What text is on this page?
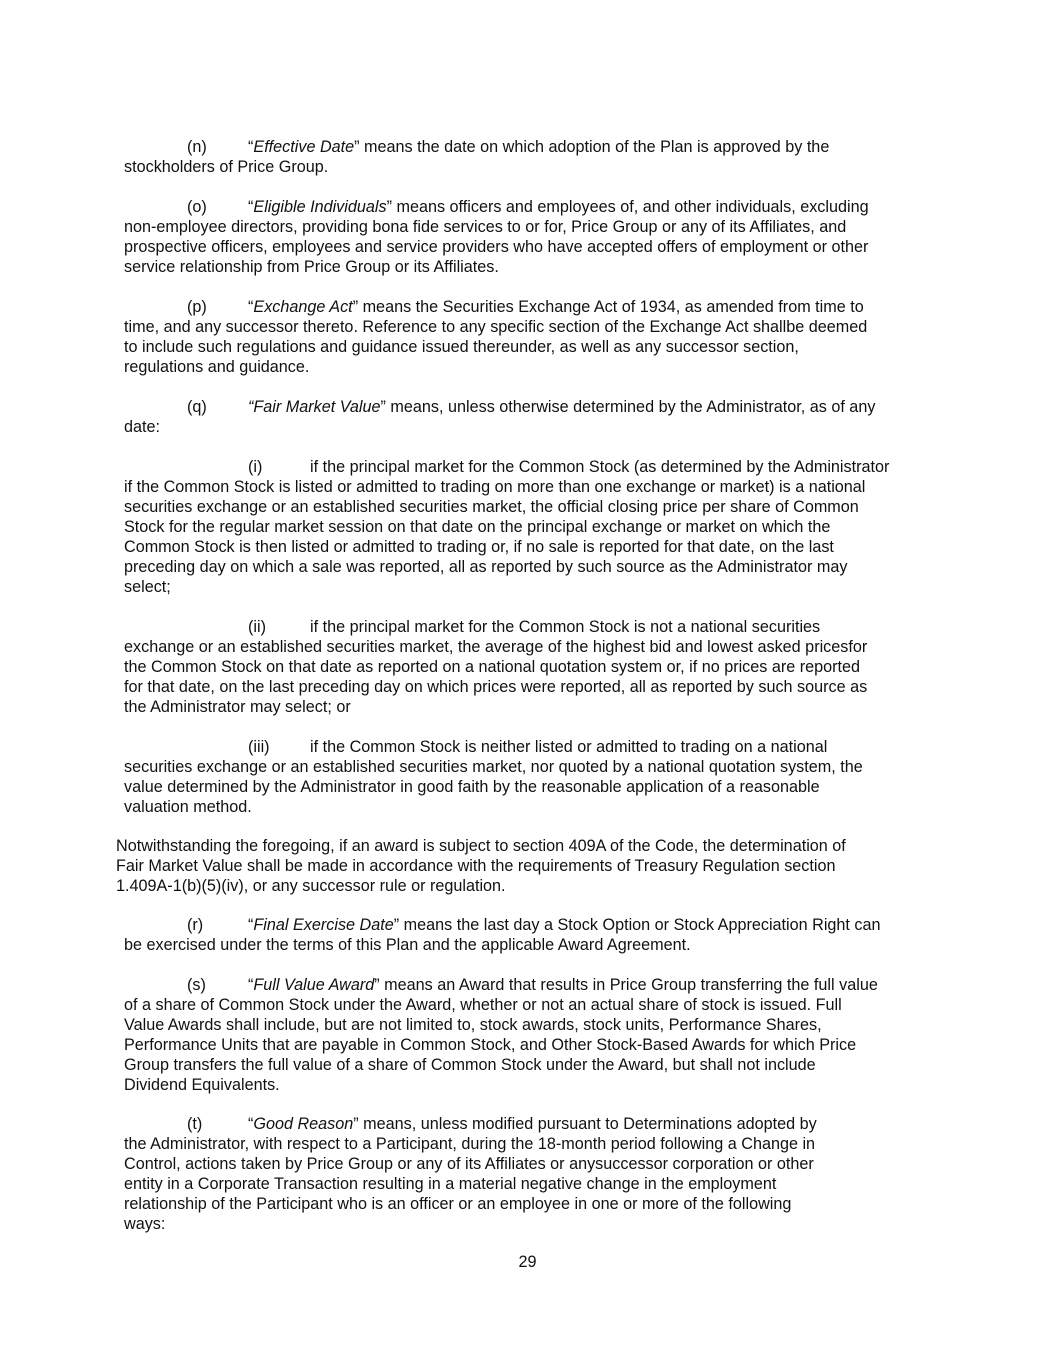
(n)	“Effective Date” means the date on which adoption of the Plan is approved by the
stockholders of Price Group.
(o)	“Eligible Individuals” means officers and employees of, and other individuals, excluding
non-employee directors, providing bona fide services to or for, Price Group or any of its Affiliates, and
prospective officers, employees and service providers who have accepted offers of employment or other
service relationship from Price Group or its Affiliates.
(p)	“Exchange Act” means the Securities Exchange Act of 1934, as amended from time to
time, and any successor thereto. Reference to any specific section of the Exchange Act shallbe deemed
to include such regulations and guidance issued thereunder, as well as any successor section,
regulations and guidance.
(q)	“Fair Market Value” means, unless otherwise determined by the Administrator, as of any
date:
(i)	if the principal market for the Common Stock (as determined by the Administrator
if the Common Stock is listed or admitted to trading on more than one exchange or market) is a national
securities exchange or an established securities market, the official closing price per share of Common
Stock for the regular market session on that date on the principal exchange or market on which the
Common Stock is then listed or admitted to trading or, if no sale is reported for that date, on the last
preceding day on which a sale was reported, all as reported by such source as the Administrator may
select;
(ii)	if the principal market for the Common Stock is not a national securities
exchange or an established securities market, the average of the highest bid and lowest asked pricesfor
the Common Stock on that date as reported on a national quotation system or, if no prices are reported
for that date, on the last preceding day on which prices were reported, all as reported by such source as
the Administrator may select; or
(iii) if the Common Stock is neither listed or admitted to trading on a national
securities exchange or an established securities market, nor quoted by a national quotation system, the
value determined by the Administrator in good faith by the reasonable application of a reasonable
valuation method.
Notwithstanding the foregoing, if an award is subject to section 409A of the Code, the determination of
Fair Market Value shall be made in accordance with the requirements of Treasury Regulation section
1.409A-1(b)(5)(iv), or any successor rule or regulation.
(r)	“Final Exercise Date” means the last day a Stock Option or Stock Appreciation Right can
be exercised under the terms of this Plan and the applicable Award Agreement.
(s)	“Full Value Award” means an Award that results in Price Group transferring the full value
of a share of Common Stock under the Award, whether or not an actual share of stock is issued. Full
Value Awards shall include, but are not limited to, stock awards, stock units, Performance Shares,
Performance Units that are payable in Common Stock, and Other Stock-Based Awards for which Price
Group transfers the full value of a share of Common Stock under the Award, but shall not include
Dividend Equivalents.
(t)	“Good Reason” means, unless modified pursuant to Determinations adopted by
the Administrator, with respect to a Participant, during the 18-month period following a Change in
Control, actions taken by Price Group or any of its Affiliates or anysuccessor corporation or other
entity in a Corporate Transaction resulting in a material negative change in the employment
relationship of the Participant who is an officer or an employee in one or more of the following
ways:
29
